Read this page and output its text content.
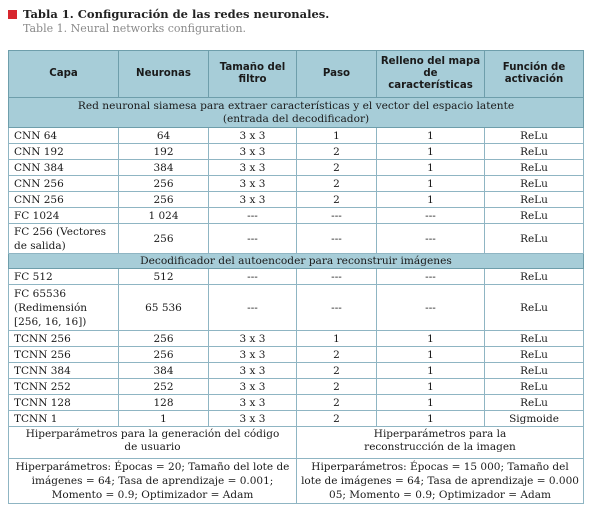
Tabla 1. Configuración de las redes neuronales.
Table 1. Neural networks configuration.
Capa	Neuronas	Tamaño del filtro	Paso	Relleno del mapa de características	Función de activación
Red neuronal siamesa para extraer características y el vector del espacio latente (entrada del decodificador)					
CNN 64	64	3 x 3	1	1	ReLu
CNN 192	192	3 x 3	2	1	ReLu
CNN 384	384	3 x 3	2	1	ReLu
CNN 256	256	3 x 3	2	1	ReLu
CNN 256	256	3 x 3	2	1	ReLu
FC 1024	1 024	---	---	---	ReLu
FC 256 (Vectores de salida)	256	---	---	---	ReLu
Decodificador del autoencoder para reconstruir imágenes					
FC 512	512	---	---	---	ReLu
FC 65536 (Redimensión [256, 16, 16])	65 536	---	---	---	ReLu
TCNN 256	256	3 x 3	1	1	ReLu
TCNN 256	256	3 x 3	2	1	ReLu
TCNN 384	384	3 x 3	2	1	ReLu
TCNN 252	252	3 x 3	2	1	ReLu
TCNN 128	128	3 x 3	2	1	ReLu
TCNN 1	1	3 x 3	2	1	Sigmoide
Hiperparámetros para la generación del código de usuario			Hiperparámetros para la reconstrucción de la imagen		
Hiperparámetros: Épocas = 20; Tamaño del lote de imágenes = 64; Tasa de aprendizaje = 0.001; Momento = 0.9; Optimizador = Adam			Hiperparámetros: Épocas = 15 000; Tamaño del lote de imágenes = 64; Tasa de aprendizaje = 0.000 05; Momento = 0.9; Optimizador = Adam		
